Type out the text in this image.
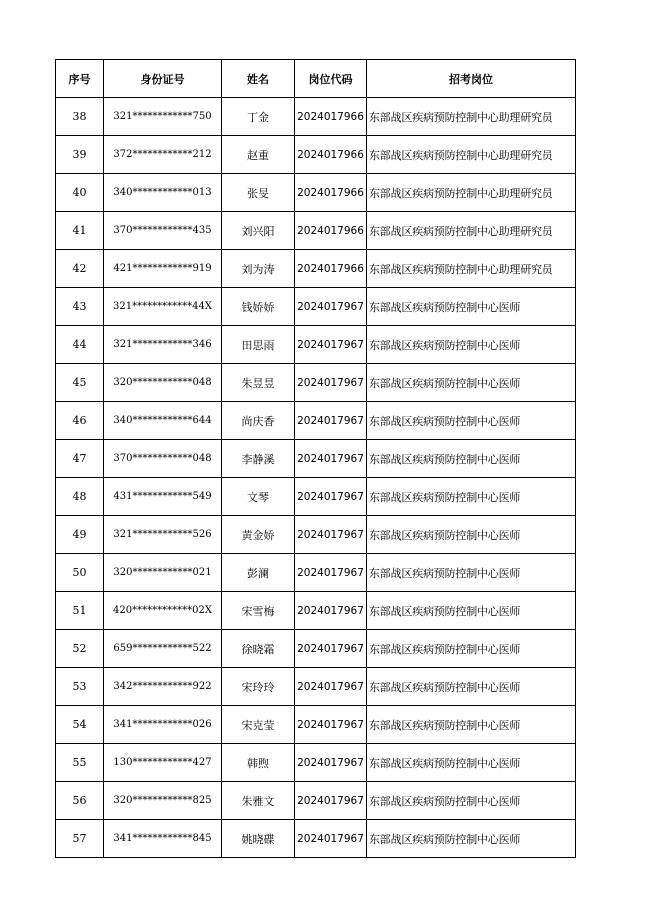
序号	身份证号	姓名	岗位代码	招考岗位
38	321************750	丁金	2024017966	东部战区疾病预防控制中心助理研究员
39	372************212	赵重	2024017966	东部战区疾病预防控制中心助理研究员
40	340************013	张旻	2024017966	东部战区疾病预防控制中心助理研究员
41	370************435	刘兴阳	2024017966	东部战区疾病预防控制中心助理研究员
42	421************919	刘为涛	2024017966	东部战区疾病预防控制中心助理研究员
43	321************44X	钱娇娇	2024017967	东部战区疾病预防控制中心医师
44	321************346	田思雨	2024017967	东部战区疾病预防控制中心医师
45	320************048	朱昱昱	2024017967	东部战区疾病预防控制中心医师
46	340************644	尚庆香	2024017967	东部战区疾病预防控制中心医师
47	370************048	李静溪	2024017967	东部战区疾病预防控制中心医师
48	431************549	文琴	2024017967	东部战区疾病预防控制中心医师
49	321************526	黄金娇	2024017967	东部战区疾病预防控制中心医师
50	320************021	彭澜	2024017967	东部战区疾病预防控制中心医师
51	420************02X	宋雪梅	2024017967	东部战区疾病预防控制中心医师
52	659************522	徐晓霜	2024017967	东部战区疾病预防控制中心医师
53	342************922	宋玲玲	2024017967	东部战区疾病预防控制中心医师
54	341************026	宋克莹	2024017967	东部战区疾病预防控制中心医师
55	130************427	韩煦	2024017967	东部战区疾病预防控制中心医师
56	320************825	朱雅文	2024017967	东部战区疾病预防控制中心医师
57	341************845	姚晓碟	2024017967	东部战区疾病预防控制中心医师
